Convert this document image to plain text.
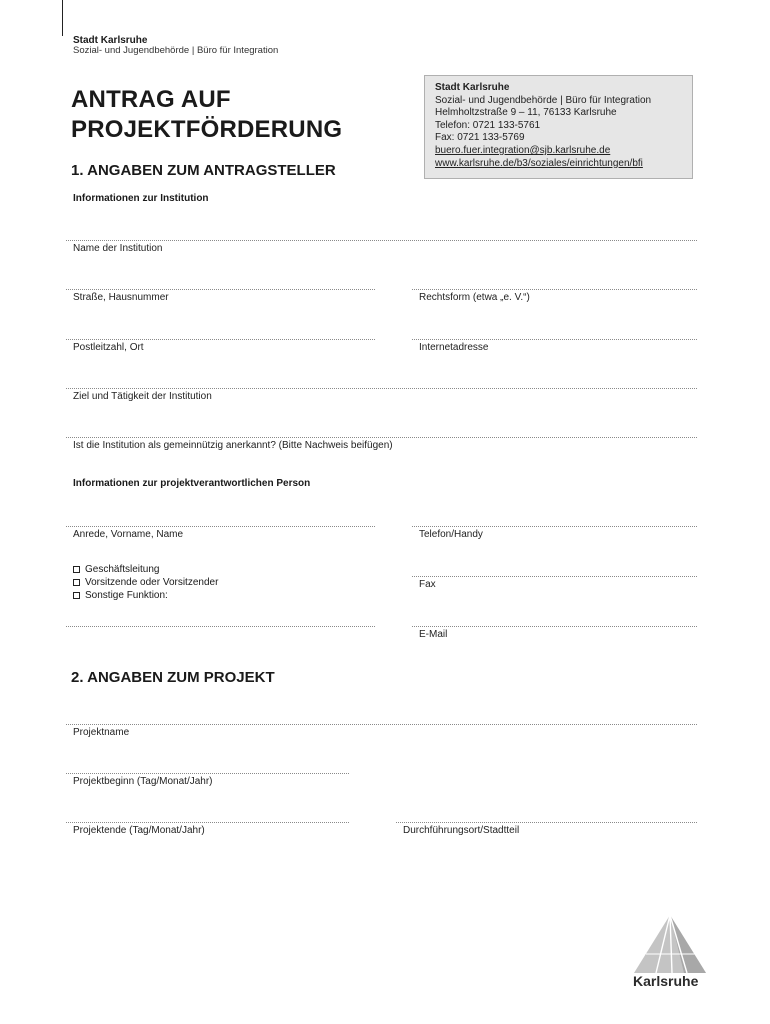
Stadt Karlsruhe
Sozial- und Jugendbehörde | Büro für Integration
ANTRAG AUF
PROJEKTFÖRDERUNG
Stadt Karlsruhe
Sozial- und Jugendbehörde | Büro für Integration
Helmholtzstraße 9 – 11, 76133 Karlsruhe
Telefon: 0721 133-5761
Fax: 0721 133-5769
buero.fuer.integration@sjb.karlsruhe.de
www.karlsruhe.de/b3/soziales/einrichtungen/bfi
1. ANGABEN ZUM ANTRAGSTELLER
Informationen zur Institution
Name der Institution
Straße, Hausnummer	Rechtsform (etwa „e. V.“)
Postleitzahl, Ort	Internetadresse
Ziel und Tätigkeit der Institution
Ist die Institution als gemeinnützig anerkannt? (Bitte Nachweis beifügen)
Informationen zur projektverantwortlichen Person
Anrede, Vorname, Name	Telefon/Handy
Geschäftsleitung
Vorsitzende oder Vorsitzender
Sonstige Funktion:
Fax
E-Mail
2. ANGABEN ZUM PROJEKT
Projektname
Projektbeginn (Tag/Monat/Jahr)
Projektende (Tag/Monat/Jahr)	Durchführungsort/Stadtteil
Karlsruhe
